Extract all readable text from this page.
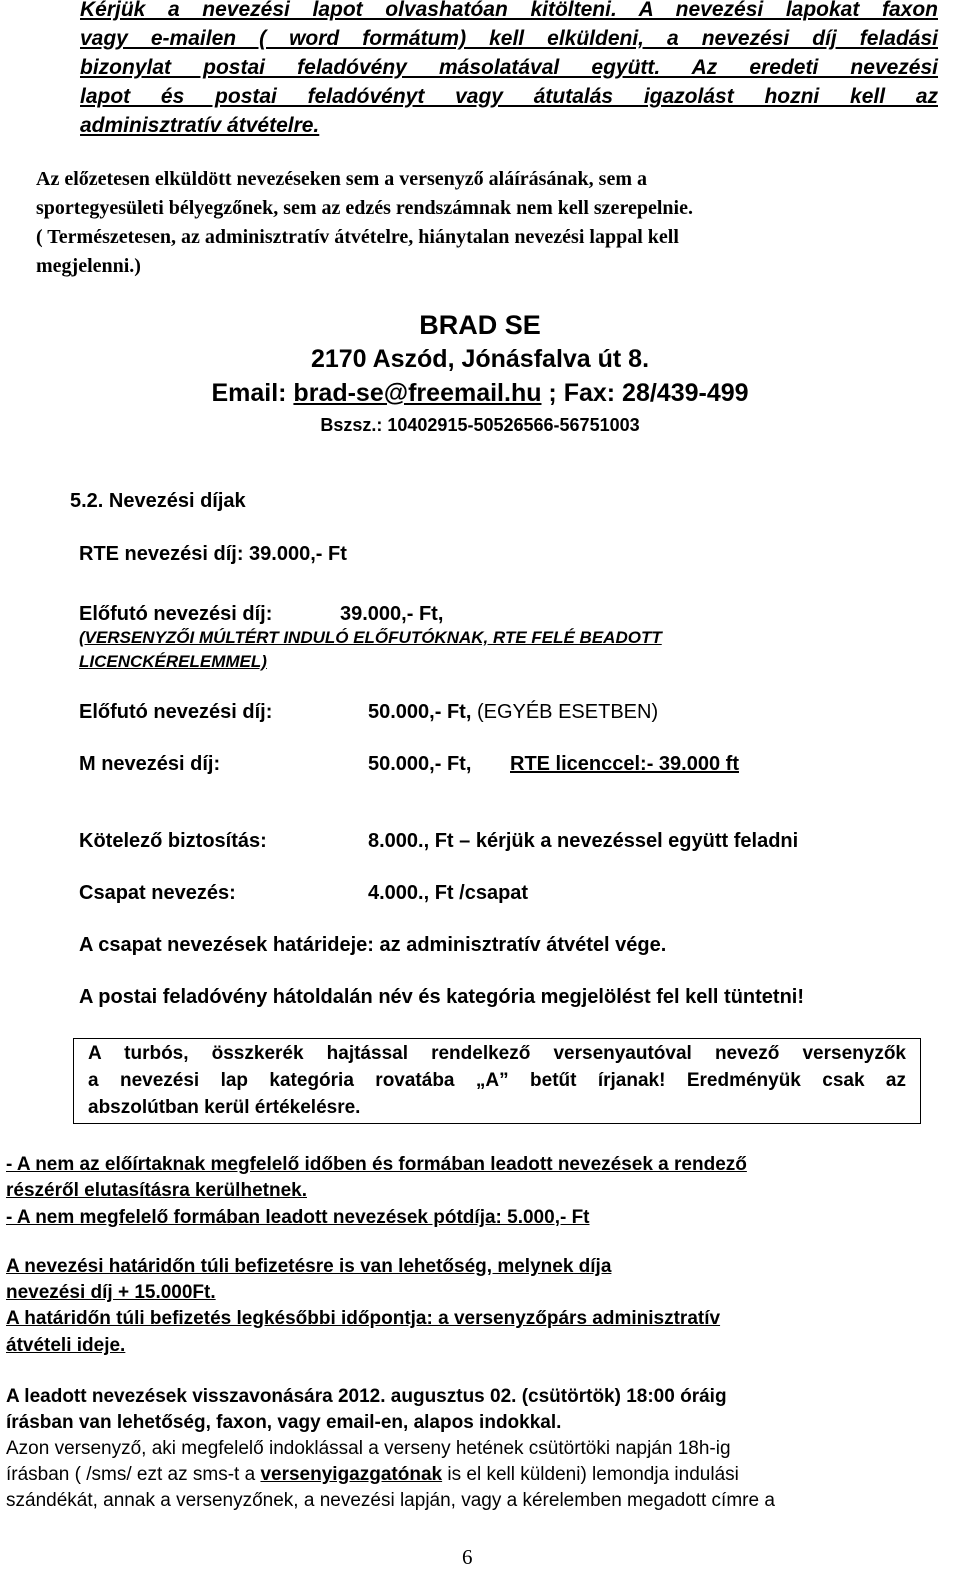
Kérjük a nevezési lapot olvashatóan kitölteni. A nevezési lapokat faxon
vagy e-mailen ( word formátum) kell elküldeni, a nevezési díj feladási
bizonylat postai feladóvény másolatával együtt. Az eredeti nevezési
lapot és postai feladóvényt vagy átutalás igazolást hozni kell az
adminisztratív átvételre.
Az előzetesen elküldött nevezéseken sem a versenyző aláírásának, sem a
sportegyesületi bélyegzőnek, sem az edzés rendszámnak nem kell szerepelnie.
( Természetesen, az adminisztratív átvételre, hiánytalan nevezési lappal kell
megjelenni.)
BRAD SE
2170 Aszód, Jónásfalva út 8.
Email: brad-se@freemail.hu ; Fax: 28/439-499
Bszsz.: 10402915-50526566-56751003
5.2. Nevezési díjak
RTE nevezési díj: 39.000,- Ft
Előfutó nevezési díj:	39.000,- Ft,
(VERSENYZŐI MÚLTÉRT INDULÓ ELŐFUTÓKNAK, RTE FELÉ BEADOTT
LICENCKÉRELEMMEL)
Előfutó nevezési díj:	50.000,- Ft, (EGYÉB ESETBEN)
M nevezési díj:	50.000,- Ft, RTE licenccel:- 39.000 ft
Kötelező biztosítás:	8.000., Ft – kérjük a nevezéssel együtt feladni
Csapat nevezés:	4.000., Ft /csapat
A csapat nevezések határideje: az adminisztratív átvétel vége.
A postai feladóvény hátoldalán név és kategória megjelölést fel kell tüntetni!
A turbós, összkerék hajtással rendelkező versenyautóval nevező versenyzők
a nevezési lap kategória rovatába „A” betűt írjanak! Eredményük csak az
abszolútban kerül értékelésre.
- A nem az előírtaknak megfelelő időben és formában leadott nevezések a rendező
részéről elutasításra kerülhetnek.
- A nem megfelelő formában leadott nevezések pótdíja: 5.000,- Ft
A nevezési határidőn túli befizetésre is van lehetőség, melynek díja
nevezési díj + 15.000Ft.
A határidőn túli befizetés legkésőbbi időpontja: a versenyzőpárs adminisztratív
átvételi ideje.
A leadott nevezések visszavonására 2012. augusztus 02. (csütörtök) 18:00 óráig
írásban van lehetőség, faxon, vagy email-en, alapos indokkal.
Azon versenyző, aki megfelelő indoklással a verseny hetének csütörtöki napján 18h-ig
írásban ( /sms/ ezt az sms-t a versenyigazgatónak is el kell küldeni) lemondja indulási
szándékát, annak a versenyzőnek, a nevezési lapján, vagy a kérelemben megadott címre a
6
